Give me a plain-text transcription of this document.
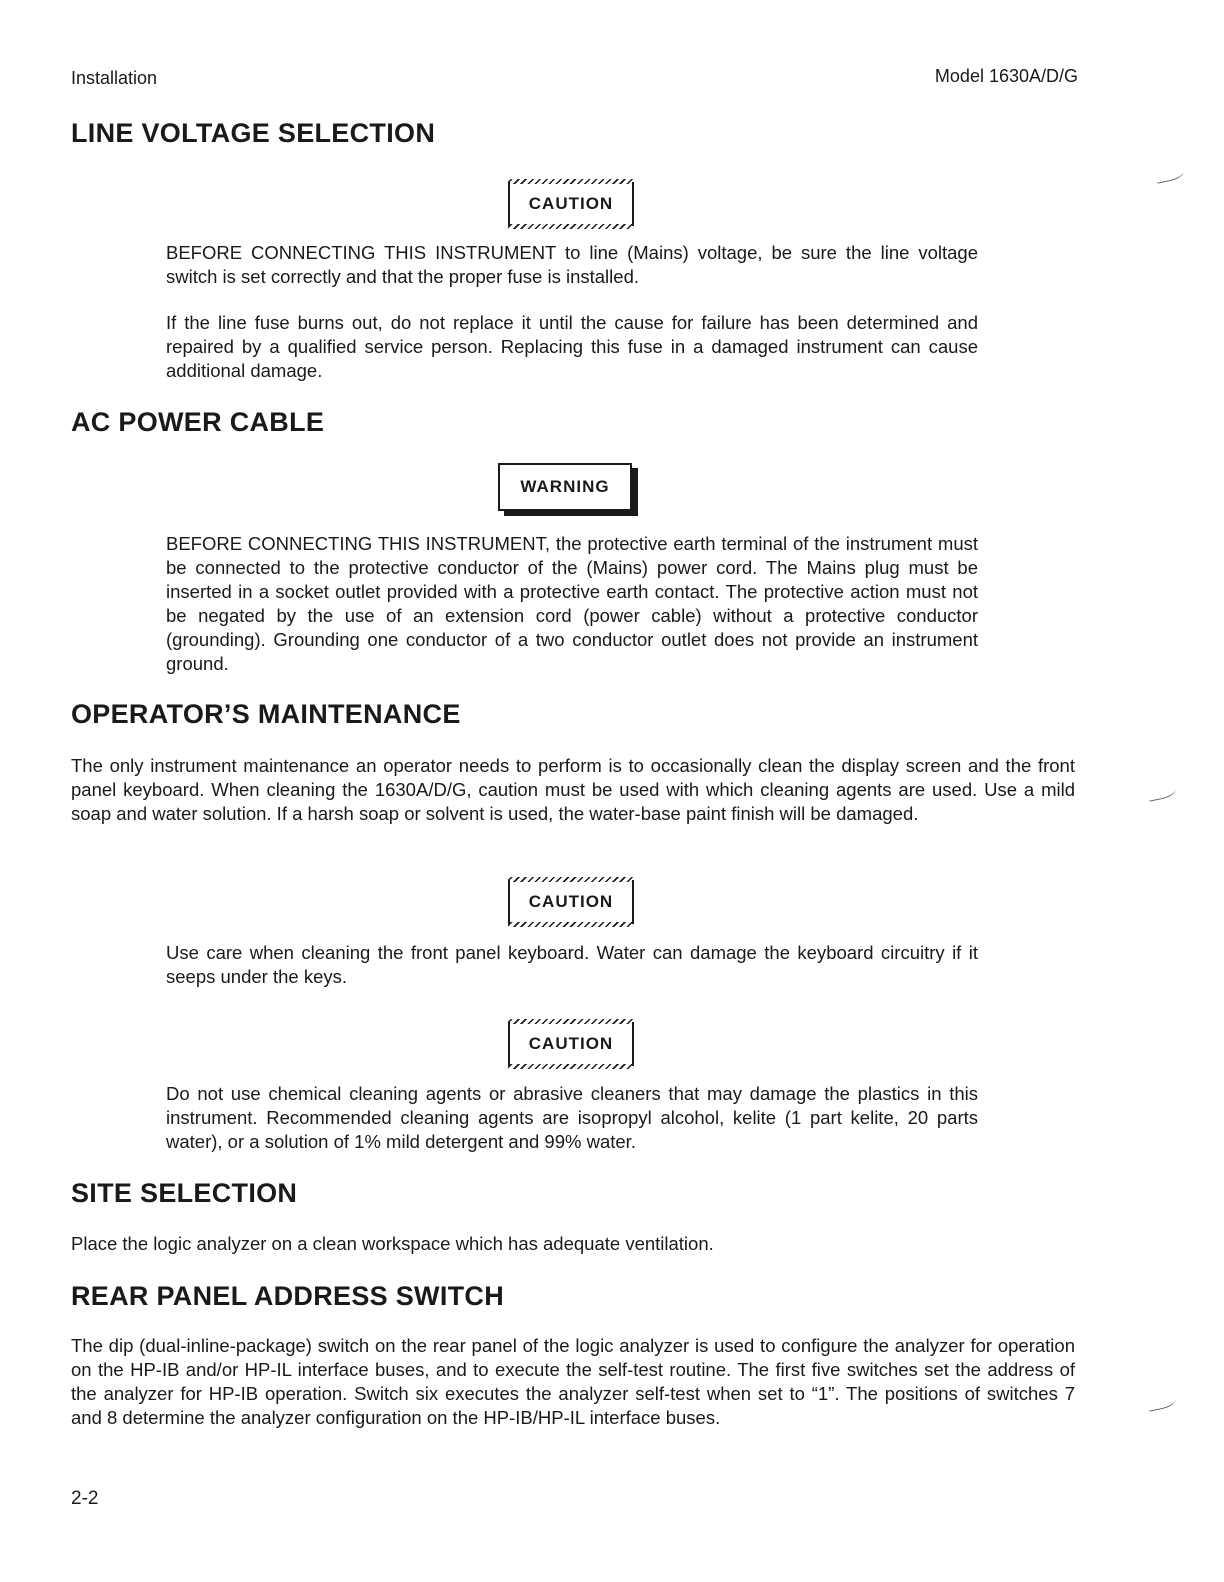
Installation	Model 1630A/D/G
LINE VOLTAGE SELECTION
CAUTION

BEFORE CONNECTING THIS INSTRUMENT to line (Mains) voltage, be sure the line voltage switch is set correctly and that the proper fuse is installed.

If the line fuse burns out, do not replace it until the cause for failure has been determined and repaired by a qualified service person. Replacing this fuse in a damaged instrument can cause additional damage.

AC POWER CABLE
WARNING

BEFORE CONNECTING THIS INSTRUMENT, the protective earth terminal of the instrument must be connected to the protective conductor of the (Mains) power cord. The Mains plug must be inserted in a socket outlet provided with a protective earth contact. The protective action must not be negated by the use of an extension cord (power cable) without a protective conductor (grounding). Grounding one conductor of a two conductor outlet does not provide an instrument ground.

OPERATOR’S MAINTENANCE

The only instrument maintenance an operator needs to perform is to occasionally clean the display screen and the front panel keyboard. When cleaning the 1630A/D/G, caution must be used with which cleaning agents are used. Use a mild soap and water solution. If a harsh soap or solvent is used, the water-base paint finish will be damaged.

CAUTION

Use care when cleaning the front panel keyboard. Water can damage the keyboard circuitry if it seeps under the keys.

CAUTION

Do not use chemical cleaning agents or abrasive cleaners that may damage the plastics in this instrument. Recommended cleaning agents are isopropyl alcohol, kelite (1 part kelite, 20 parts water), or a solution of 1% mild detergent and 99% water.

SITE SELECTION

Place the logic analyzer on a clean workspace which has adequate ventilation.

REAR PANEL ADDRESS SWITCH

The dip (dual-inline-package) switch on the rear panel of the logic analyzer is used to configure the analyzer for operation on the HP-IB and/or HP-IL interface buses, and to execute the self-test routine. The first five switches set the address of the analyzer for HP-IB operation. Switch six executes the analyzer self-test when set to “1”. The positions of switches 7 and 8 determine the analyzer configuration on the HP-IB/HP-IL interface buses.

2-2
